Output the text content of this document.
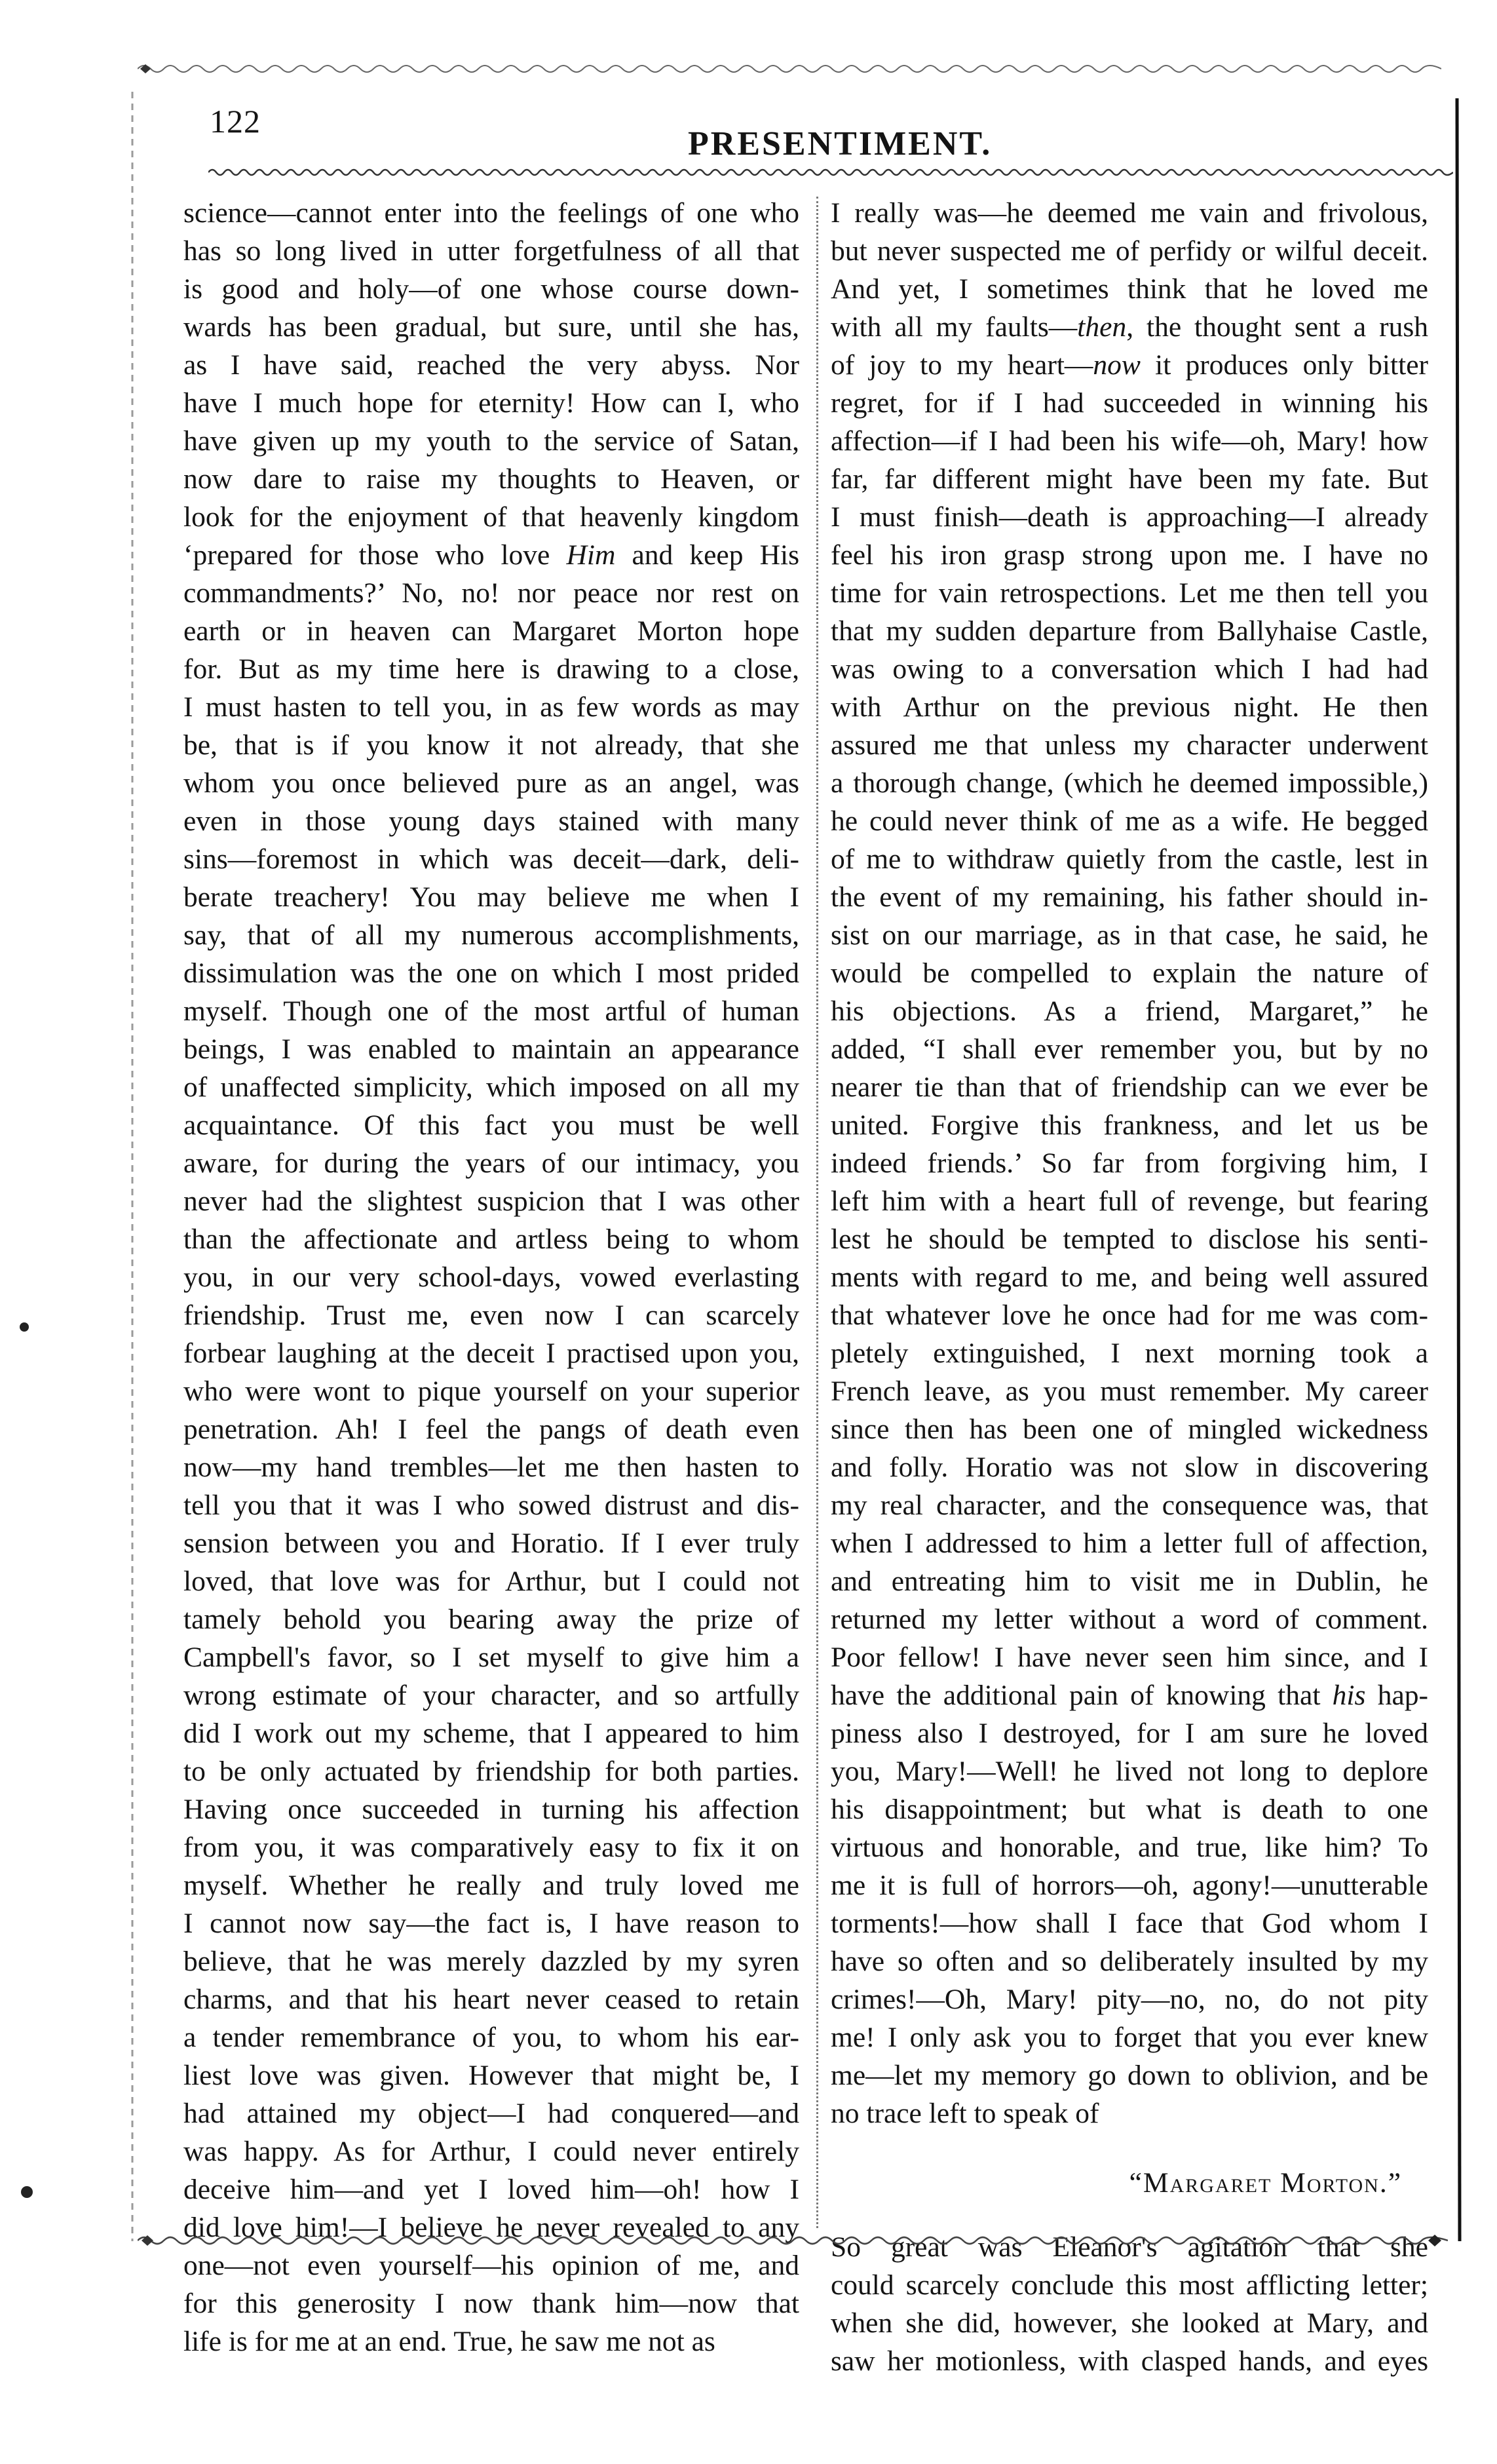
122
PRESENTIMENT.
science—cannot enter into the feelings of one who
has so long lived in utter forgetfulness of all that
is good and holy—of one whose course down-
wards has been gradual, but sure, until she has,
as I have said, reached the very abyss. Nor
have I much hope for eternity! How can I, who
have given up my youth to the service of Satan,
now dare to raise my thoughts to Heaven, or
look for the enjoyment of that heavenly kingdom
‘prepared for those who love Him and keep His
commandments?’ No, no! nor peace nor rest on
earth or in heaven can Margaret Morton hope
for. But as my time here is drawing to a close,
I must hasten to tell you, in as few words as may
be, that is if you know it not already, that she
whom you once believed pure as an angel, was
even in those young days stained with many
sins—foremost in which was deceit—dark, deli-
berate treachery! You may believe me when I
say, that of all my numerous accomplishments,
dissimulation was the one on which I most prided
myself. Though one of the most artful of human
beings, I was enabled to maintain an appearance
of unaffected simplicity, which imposed on all my
acquaintance. Of this fact you must be well
aware, for during the years of our intimacy, you
never had the slightest suspicion that I was other
than the affectionate and artless being to whom
you, in our very school-days, vowed everlasting
friendship. Trust me, even now I can scarcely
forbear laughing at the deceit I practised upon you,
who were wont to pique yourself on your superior
penetration. Ah! I feel the pangs of death even
now—my hand trembles—let me then hasten to
tell you that it was I who sowed distrust and dis-
sension between you and Horatio. If I ever truly
loved, that love was for Arthur, but I could not
tamely behold you bearing away the prize of
Campbell's favor, so I set myself to give him a
wrong estimate of your character, and so artfully
did I work out my scheme, that I appeared to him
to be only actuated by friendship for both parties.
Having once succeeded in turning his affection
from you, it was comparatively easy to fix it on
myself. Whether he really and truly loved me
I cannot now say—the fact is, I have reason to
believe, that he was merely dazzled by my syren
charms, and that his heart never ceased to retain
a tender remembrance of you, to whom his ear-
liest love was given. However that might be, I
had attained my object—I had conquered—and
was happy. As for Arthur, I could never entirely
deceive him—and yet I loved him—oh! how I
did love him!—I believe he never revealed to any
one—not even yourself—his opinion of me, and
for this generosity I now thank him—now that
life is for me at an end. True, he saw me not as
I really was—he deemed me vain and frivolous,
but never suspected me of perfidy or wilful deceit.
And yet, I sometimes think that he loved me
with all my faults—then, the thought sent a rush
of joy to my heart—now it produces only bitter
regret, for if I had succeeded in winning his
affection—if I had been his wife—oh, Mary! how
far, far different might have been my fate. But
I must finish—death is approaching—I already
feel his iron grasp strong upon me. I have no
time for vain retrospections. Let me then tell you
that my sudden departure from Ballyhaise Castle,
was owing to a conversation which I had had
with Arthur on the previous night. He then
assured me that unless my character underwent
a thorough change, (which he deemed impossible,)
he could never think of me as a wife. He begged
of me to withdraw quietly from the castle, lest in
the event of my remaining, his father should in-
sist on our marriage, as in that case, he said, he
would be compelled to explain the nature of
his objections. As a friend, Margaret,” he
added, “I shall ever remember you, but by no
nearer tie than that of friendship can we ever be
united. Forgive this frankness, and let us be
indeed friends.’ So far from forgiving him, I
left him with a heart full of revenge, but fearing
lest he should be tempted to disclose his senti-
ments with regard to me, and being well assured
that whatever love he once had for me was com-
pletely extinguished, I next morning took a
French leave, as you must remember. My career
since then has been one of mingled wickedness
and folly. Horatio was not slow in discovering
my real character, and the consequence was, that
when I addressed to him a letter full of affection,
and entreating him to visit me in Dublin, he
returned my letter without a word of comment.
Poor fellow! I have never seen him since, and I
have the additional pain of knowing that his hap-
piness also I destroyed, for I am sure he loved
you, Mary!—Well! he lived not long to deplore
his disappointment; but what is death to one
virtuous and honorable, and true, like him? To
me it is full of horrors—oh, agony!—unutterable
torments!—how shall I face that God whom I
have so often and so deliberately insulted by my
crimes!—Oh, Mary! pity—no, no, do not pity
me! I only ask you to forget that you ever knew
me—let my memory go down to oblivion, and be
no trace left to speak of
“Margaret Morton.”
So great was Eleanor's agitation that she
could scarcely conclude this most afflicting letter;
when she did, however, she looked at Mary, and
saw her motionless, with clasped hands, and eyes
